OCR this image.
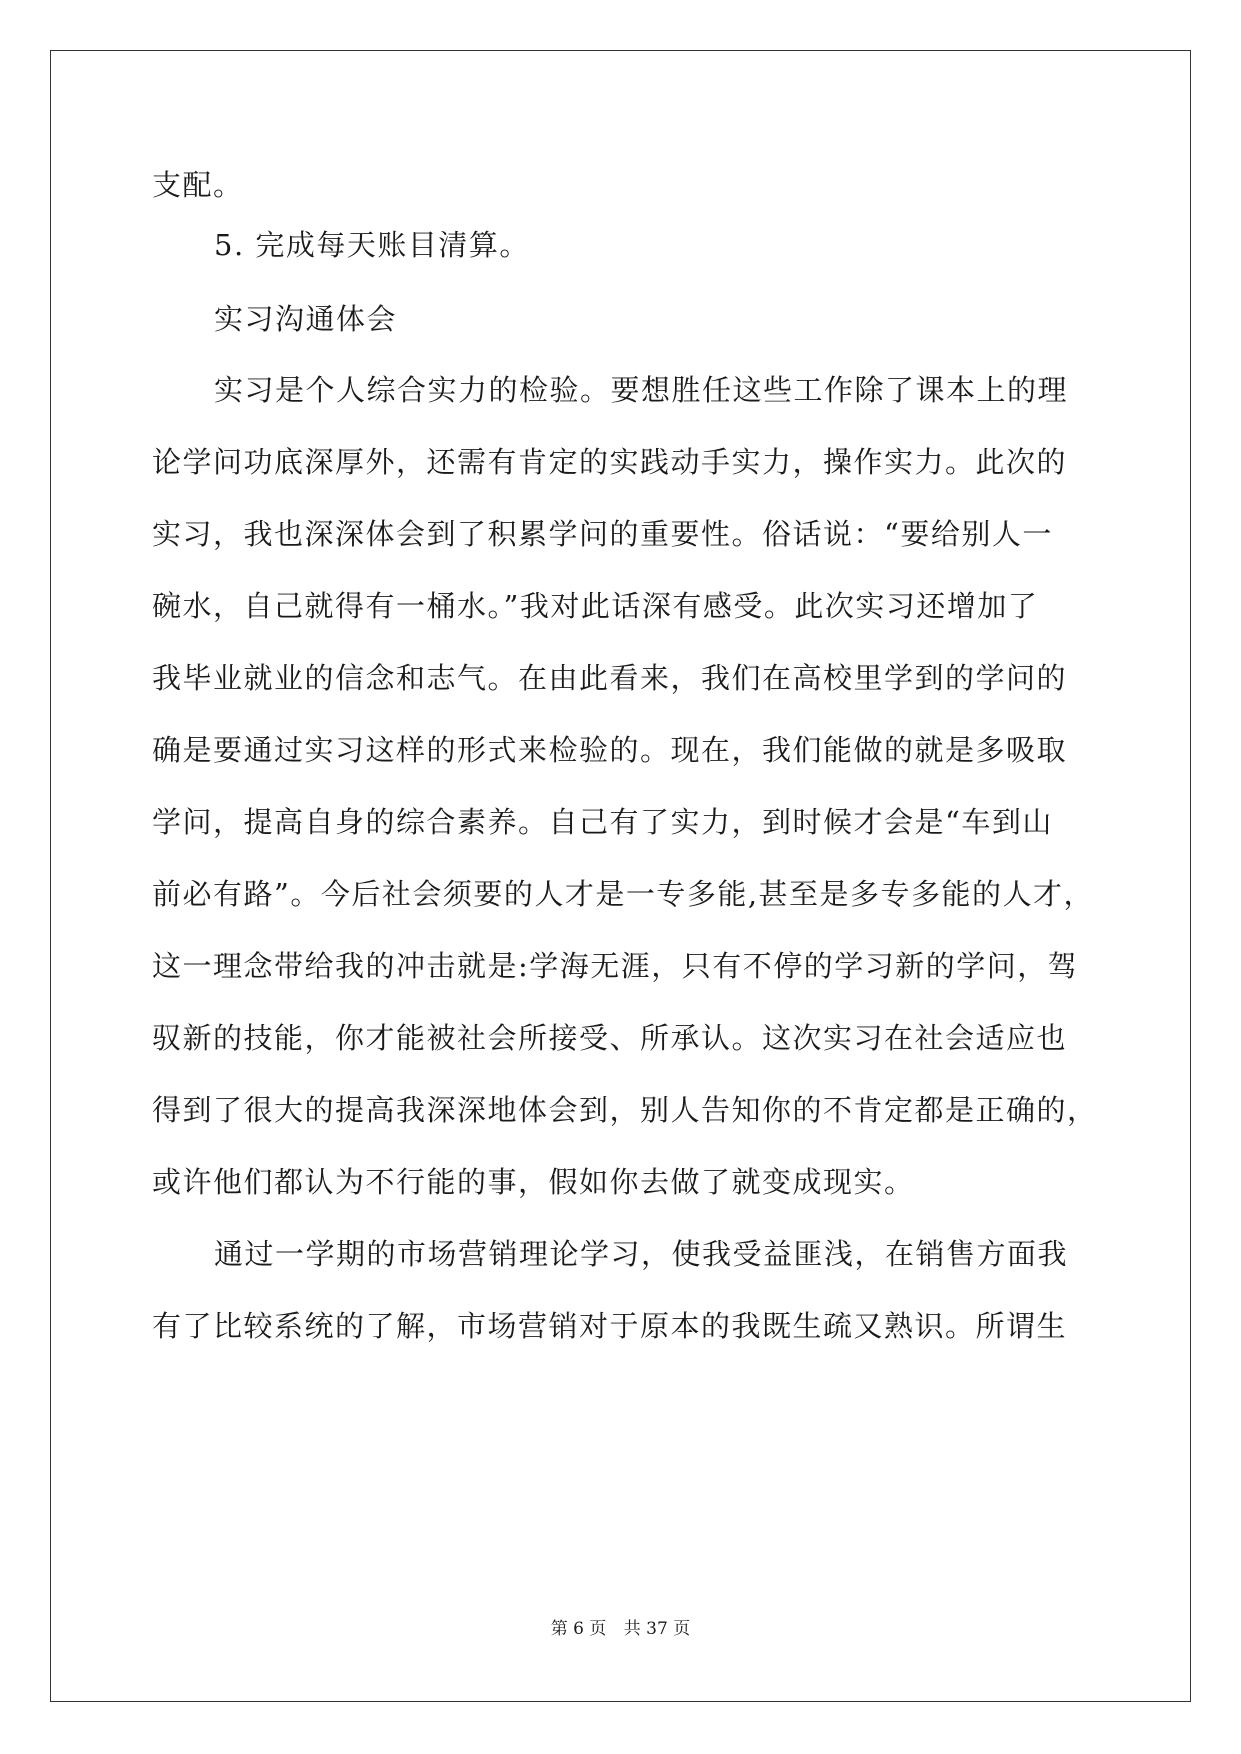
支配。
5. 完成每天账目清算。
实习沟通体会
实习是个人综合实力的检验。要想胜任这些工作除了课本上的理
论学问功底深厚外，还需有肯定的实践动手实力，操作实力。此次的
实习，我也深深体会到了积累学问的重要性。俗话说：“要给别人一
碗水，自己就得有一桶水。”我对此话深有感受。此次实习还增加了
我毕业就业的信念和志气。在由此看来，我们在高校里学到的学问的
确是要通过实习这样的形式来检验的。现在，我们能做的就是多吸取
学问，提高自身的综合素养。自己有了实力，到时候才会是“车到山
前必有路”。今后社会须要的人才是一专多能,甚至是多专多能的人才，
这一理念带给我的冲击就是:学海无涯，只有不停的学习新的学问，驾
驭新的技能，你才能被社会所接受、所承认。这次实习在社会适应也
得到了很大的提高我深深地体会到，别人告知你的不肯定都是正确的，
或许他们都认为不行能的事，假如你去做了就变成现实。
通过一学期的市场营销理论学习，使我受益匪浅，在销售方面我
有了比较系统的了解，市场营销对于原本的我既生疏又熟识。所谓生
第 6 页 共 37 页
